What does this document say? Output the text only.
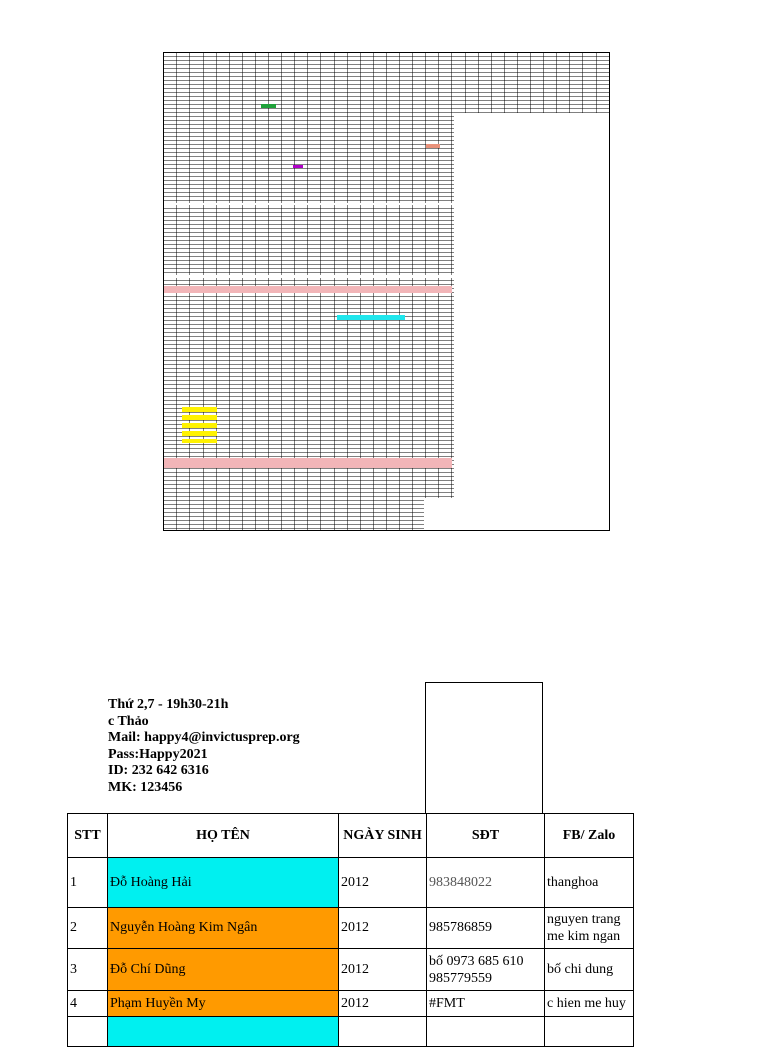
Thứ 2,7 - 19h30-21h
c Thảo
Mail: happy4@invictusprep.org
Pass:Happy2021
ID: 232 642 6316
MK: 123456
STT	HỌ TÊN	NGÀY SINH	SĐT	FB/ Zalo
1	Đỗ Hoàng Hải	2012	983848022	thanghoa
2	Nguyễn Hoàng Kim Ngân	2012	985786859	nguyen trang me kim ngan
3	Đỗ Chí Dũng	2012	bố 0973 685 610 985779559	bố chi dung
4	Phạm Huyền My	2012	#FMT	c hien me huy
